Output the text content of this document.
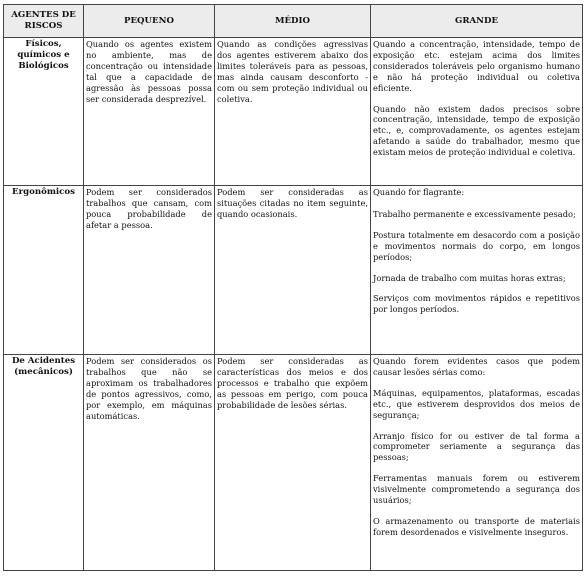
AGENTES DE RISCOS	PEQUENO	MÉDIO	GRANDE
Físicos, químicos e Biológicos	Quando os agentes existem no ambiente, mas de concentração ou intensidade tal que a capacidade de agressão às pessoas possa ser considerada desprezível.	Quando as condições agressivas dos agentes estiverem abaixo dos limites toleráveis para as pessoas, mas ainda causam desconforto - com ou sem proteção individual ou coletiva.	Quando a concentração, intensidade, tempo de exposição etc. estejam acima dos limites considerados toleráveis pelo organismo humano e não há proteção individual ou coletiva eficiente.

Quando não existem dados precisos sobre concentração, intensidade, tempo de exposição etc., e, comprovadamente, os agentes estejam afetando a saúde do trabalhador, mesmo que existam meios de proteção individual e coletiva.

Ergonômicos	Podem ser considerados trabalhos que cansam, com pouca probabilidade de afetar a pessoa.	Podem ser consideradas as situações citadas no item seguinte, quando ocasionais.	Quando for flagrante:

Trabalho permanente e excessivamente pesado;

Postura totalmente em desacordo com a posição e movimentos normais do corpo, em longos períodos;

Jornada de trabalho com muitas horas extras;

Serviços com movimentos rápidos e repetitivos por longos períodos.

De Acidentes (mecânicos)	Podem ser considerados os trabalhos que não se aproximam os trabalhadores de pontos agressivos, como, por exemplo, em máquinas automáticas.	Podem ser consideradas as características dos meios e dos processos e trabalho que expõem as pessoas em perigo, com pouca probabilidade de lesões sérias.	Quando forem evidentes casos que podem causar lesões sérias como:

Máquinas, equipamentos, plataformas, escadas etc., que estiverem desprovidos dos meios de segurança;

Arranjo físico for ou estiver de tal forma a comprometer seriamente a segurança das pessoas;

Ferramentas manuais forem ou estiverem visivelmente comprometendo a segurança dos usuários;

O armazenamento ou transporte de materiais forem desordenados e visivelmente inseguros.
